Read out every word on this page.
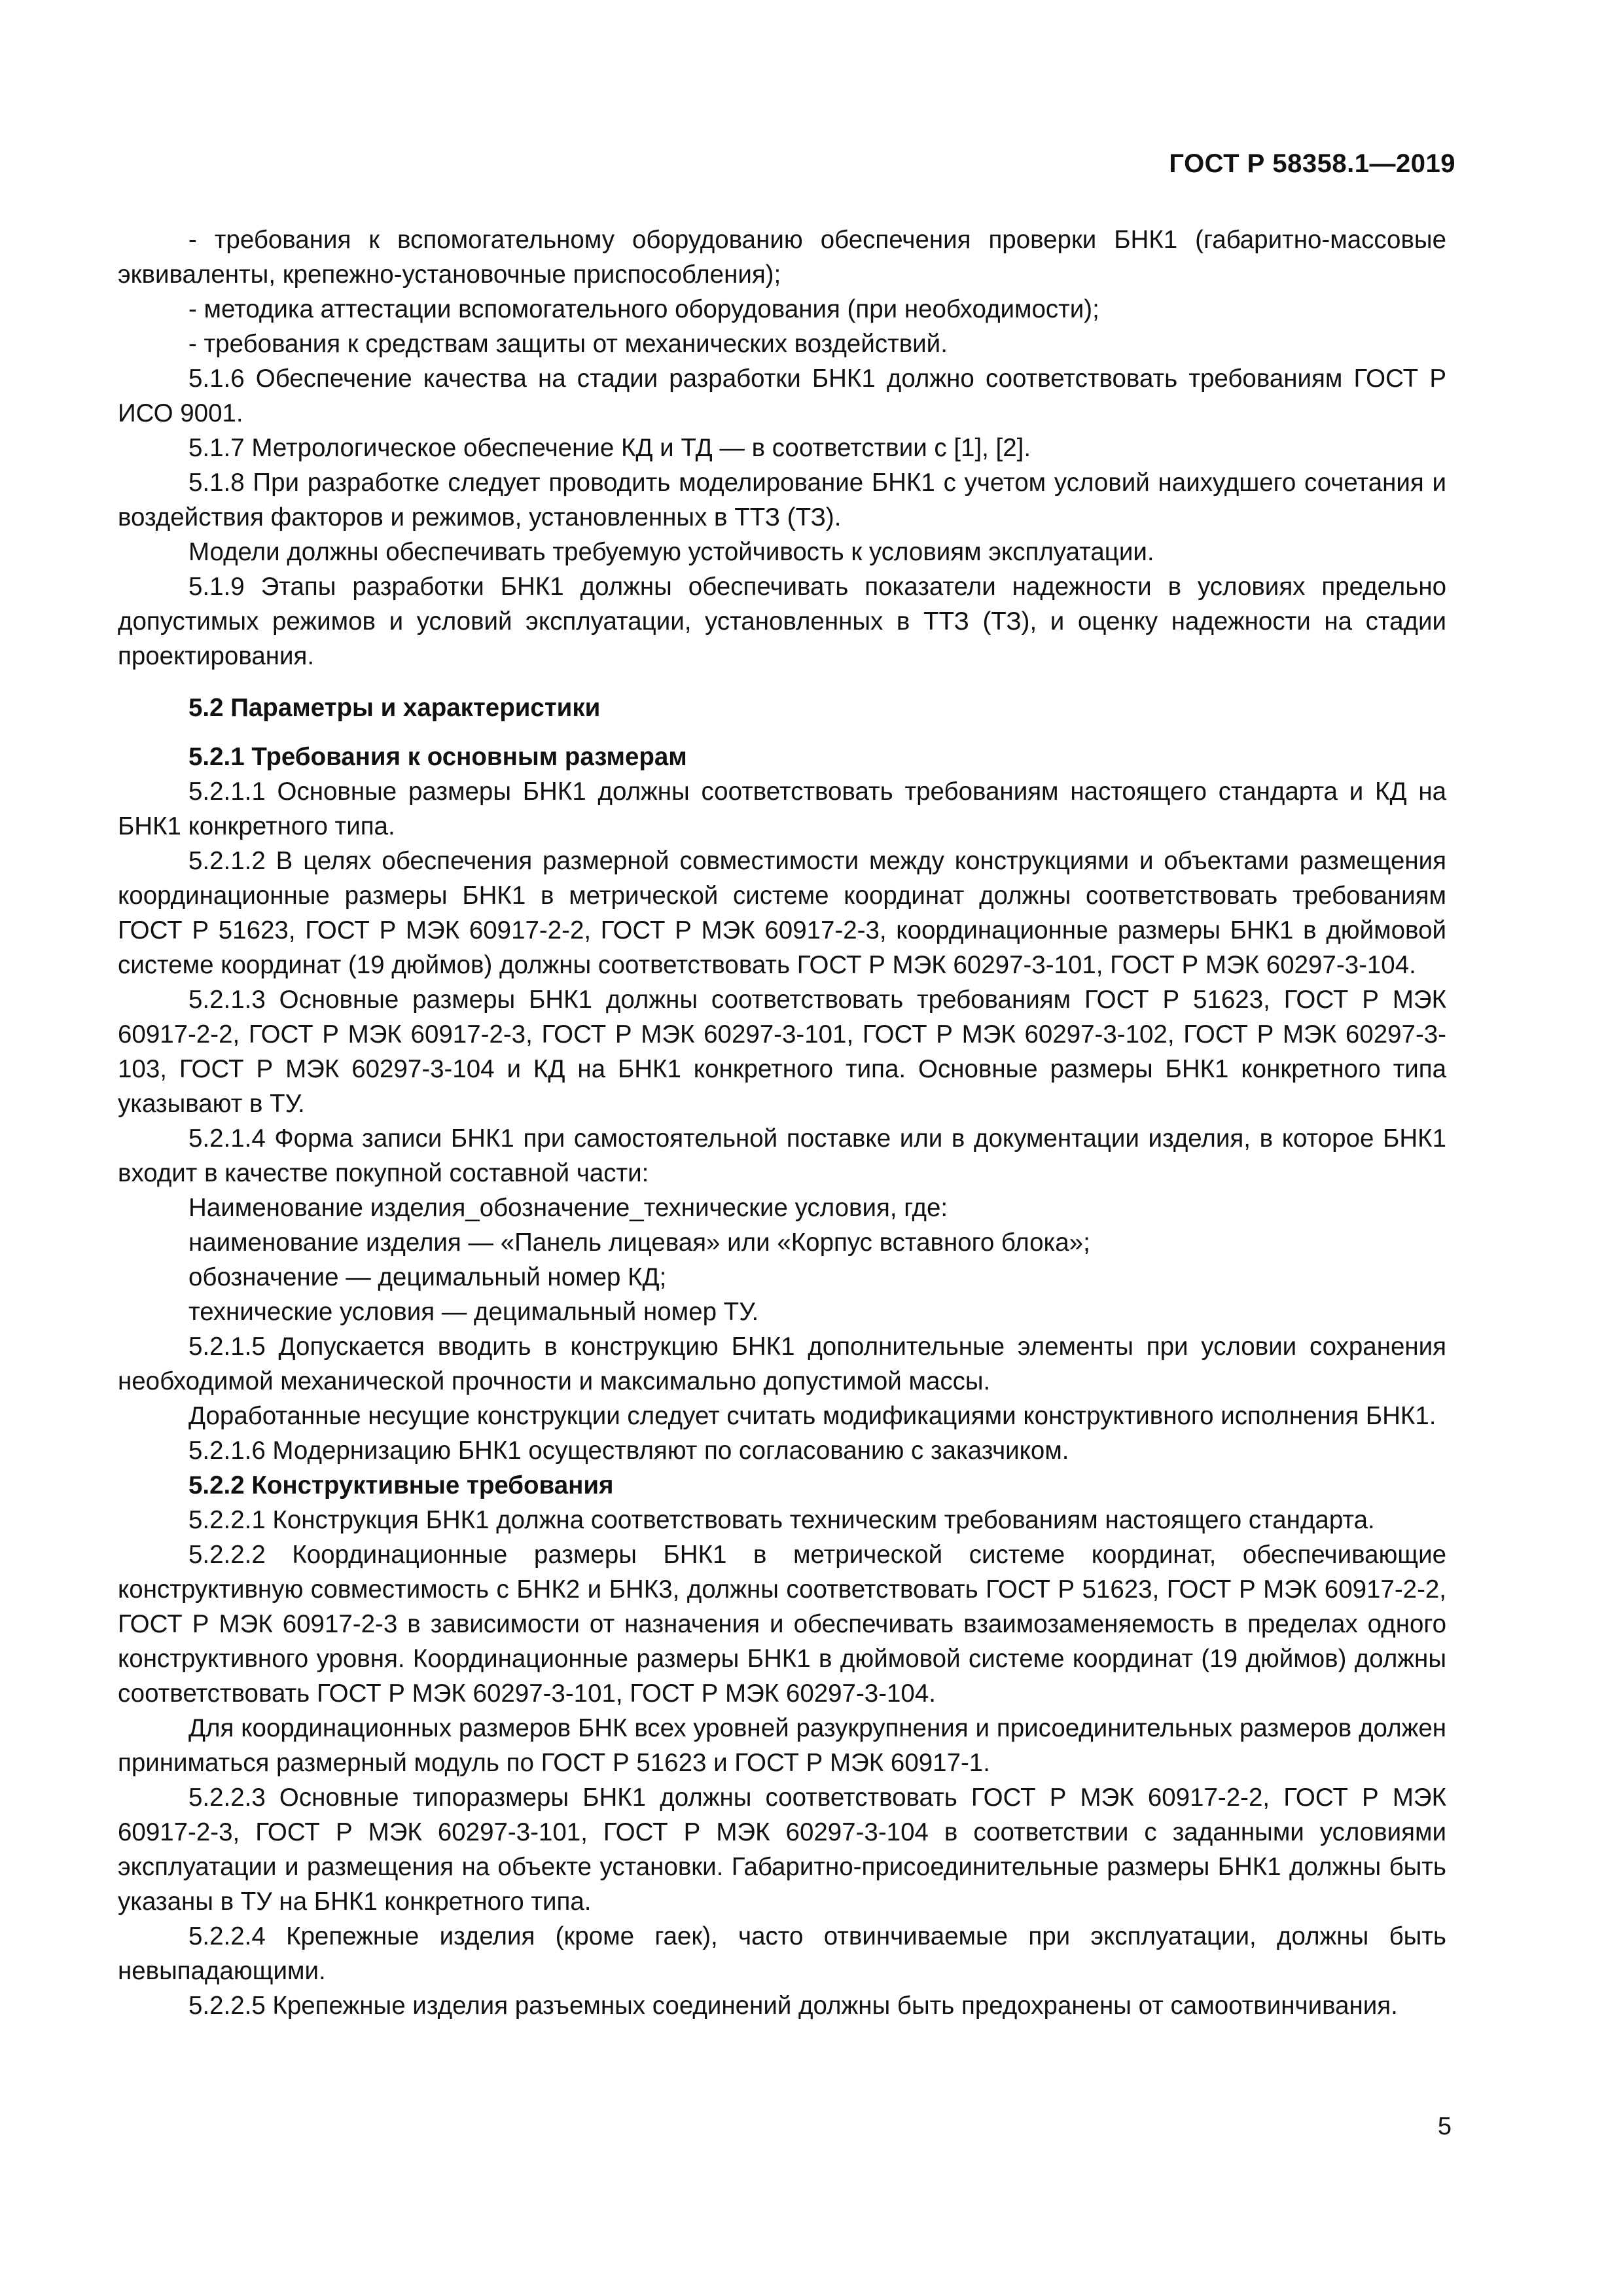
ГОСТ Р 58358.1—2019

- требования к вспомогательному оборудованию обеспечения проверки БНК1 (габаритно-массовые эквиваленты, крепежно-установочные приспособления);

- методика аттестации вспомогательного оборудования (при необходимости);

- требования к средствам защиты от механических воздействий.

5.1.6 Обеспечение качества на стадии разработки БНК1 должно соответствовать требованиям ГОСТ Р ИСО 9001.

5.1.7 Метрологическое обеспечение КД и ТД — в соответствии с [1], [2].

5.1.8 При разработке следует проводить моделирование БНК1 с учетом условий наихудшего сочетания и воздействия факторов и режимов, установленных в ТТЗ (ТЗ).

Модели должны обеспечивать требуемую устойчивость к условиям эксплуатации.

5.1.9 Этапы разработки БНК1 должны обеспечивать показатели надежности в условиях предельно допустимых режимов и условий эксплуатации, установленных в ТТЗ (ТЗ), и оценку надежности на стадии проектирования.

5.2 Параметры и характеристики

5.2.1 Требования к основным размерам

5.2.1.1 Основные размеры БНК1 должны соответствовать требованиям настоящего стандарта и КД на БНК1 конкретного типа.

5.2.1.2 В целях обеспечения размерной совместимости между конструкциями и объектами размещения координационные размеры БНК1 в метрической системе координат должны соответствовать требованиям ГОСТ Р 51623, ГОСТ Р МЭК 60917-2-2, ГОСТ Р МЭК 60917-2-3, координационные размеры БНК1 в дюймовой системе координат (19 дюймов) должны соответствовать ГОСТ Р МЭК 60297-3-101, ГОСТ Р МЭК 60297-3-104.

5.2.1.3 Основные размеры БНК1 должны соответствовать требованиям ГОСТ Р 51623, ГОСТ Р МЭК 60917-2-2, ГОСТ Р МЭК 60917-2-3, ГОСТ Р МЭК 60297-3-101, ГОСТ Р МЭК 60297-3-102, ГОСТ Р МЭК 60297-3-103, ГОСТ Р МЭК 60297-3-104 и КД на БНК1 конкретного типа. Основные размеры БНК1 конкретного типа указывают в ТУ.

5.2.1.4 Форма записи БНК1 при самостоятельной поставке или в документации изделия, в которое БНК1 входит в качестве покупной составной части:

Наименование изделия_обозначение_технические условия, где:

наименование изделия — «Панель лицевая» или «Корпус вставного блока»;

обозначение — децимальный номер КД;

технические условия — децимальный номер ТУ.

5.2.1.5 Допускается вводить в конструкцию БНК1 дополнительные элементы при условии сохранения необходимой механической прочности и максимально допустимой массы.

Доработанные несущие конструкции следует считать модификациями конструктивного исполнения БНК1.

5.2.1.6 Модернизацию БНК1 осуществляют по согласованию с заказчиком.

5.2.2 Конструктивные требования

5.2.2.1 Конструкция БНК1 должна соответствовать техническим требованиям настоящего стандарта.

5.2.2.2 Координационные размеры БНК1 в метрической системе координат, обеспечивающие конструктивную совместимость с БНК2 и БНК3, должны соответствовать ГОСТ Р 51623, ГОСТ Р МЭК 60917-2-2, ГОСТ Р МЭК 60917-2-3 в зависимости от назначения и обеспечивать взаимозаменяемость в пределах одного конструктивного уровня. Координационные размеры БНК1 в дюймовой системе координат (19 дюймов) должны соответствовать ГОСТ Р МЭК 60297-3-101, ГОСТ Р МЭК 60297-3-104.

Для координационных размеров БНК всех уровней разукрупнения и присоединительных размеров должен приниматься размерный модуль по ГОСТ Р 51623 и ГОСТ Р МЭК 60917-1.

5.2.2.3 Основные типоразмеры БНК1 должны соответствовать ГОСТ Р МЭК 60917-2-2, ГОСТ Р МЭК 60917-2-3, ГОСТ Р МЭК 60297-3-101, ГОСТ Р МЭК 60297-3-104 в соответствии с заданными условиями эксплуатации и размещения на объекте установки. Габаритно-присоединительные размеры БНК1 должны быть указаны в ТУ на БНК1 конкретного типа.

5.2.2.4 Крепежные изделия (кроме гаек), часто отвинчиваемые при эксплуатации, должны быть невыпадающими.

5.2.2.5 Крепежные изделия разъемных соединений должны быть предохранены от самоотвинчивания.

5
